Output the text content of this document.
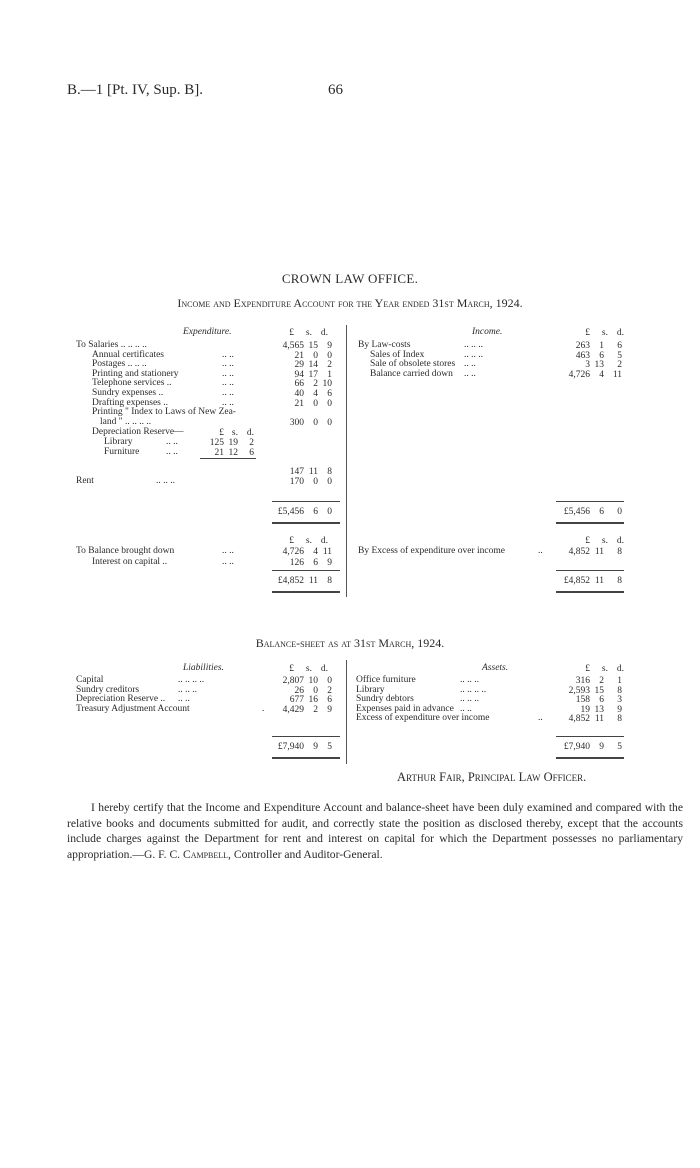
B.—1 [Pt. IV, Sup. B].	66
CROWN LAW OFFICE.
Income and Expenditure Account for the Year ended 31st March, 1924.
Expenditure.	£	s. d.
To Salaries .. .. .. ..	4,565 15 9
Annual certificates	.. ..	21 0 0
Postages .. .. ..	.. ..	29 14 2
Printing and stationery	.. ..	94 17 1
Telephone services ..	.. ..	66 2 10
Sundry expenses ..	.. ..	40 4 6
Drafting expenses ..	.. ..	21 0 0
Printing " Index to Laws of New Zea-
land " .. .. .. ..	300 0 0
Depreciation Reserve—	£ s. d.
Library	.. ..	125 19	2
Furniture	.. ..	21 12	6
147 11 8
Rent	.. .. ..	170 0 0
Income.	£	s. d.
By Law-costs	.. .. ..	263 1	6
Sales of Index	.. .. ..	463 6	5
Sale of obsolete stores .. ..	3 13	2
Balance carried down .. ..	4,726 4 11
£5,456 6 0	£5,456 6	0
£	s. d.	£	s. d.
To Balance brought down	.. ..	4,726 4 11
Interest on capital ..	.. ..	126 6 9
By Excess of expenditure over income	..	4,852 11	8
£4,852 11 8	£4,852 11	8
Balance-sheet as at 31st March, 1924.
Liabilities.	£	s. d.	Assets.	£	s. d.
Capital	.. .. .. ..	2,807 10 0
Sundry creditors	.. .. ..	26 0 2
Depreciation Reserve .. .. ..	677 16 6
Treasury Adjustment Account	.	4,429 2 9
Office furniture	.. .. ..	316 2	1
Library	.. .. .. ..	2,593 15	8
Sundry debtors	.. .. ..	158 6	3
Expenses paid in advance .. ..	19 13	9
Excess of expenditure over income	..	4,852 11	8
£7,940 9 5	£7,940 9	5
Arthur Fair, Principal Law Officer.
I hereby certify that the Income and Expenditure Account and balance-sheet have been duly examined and compared with the relative books and documents submitted for audit, and correctly state the position as disclosed thereby, except that the accounts include charges against the Department for rent and interest on capital for which the Department possesses no parliamentary appropriation.—G. F. C. Campbell, Controller and Auditor-General.
